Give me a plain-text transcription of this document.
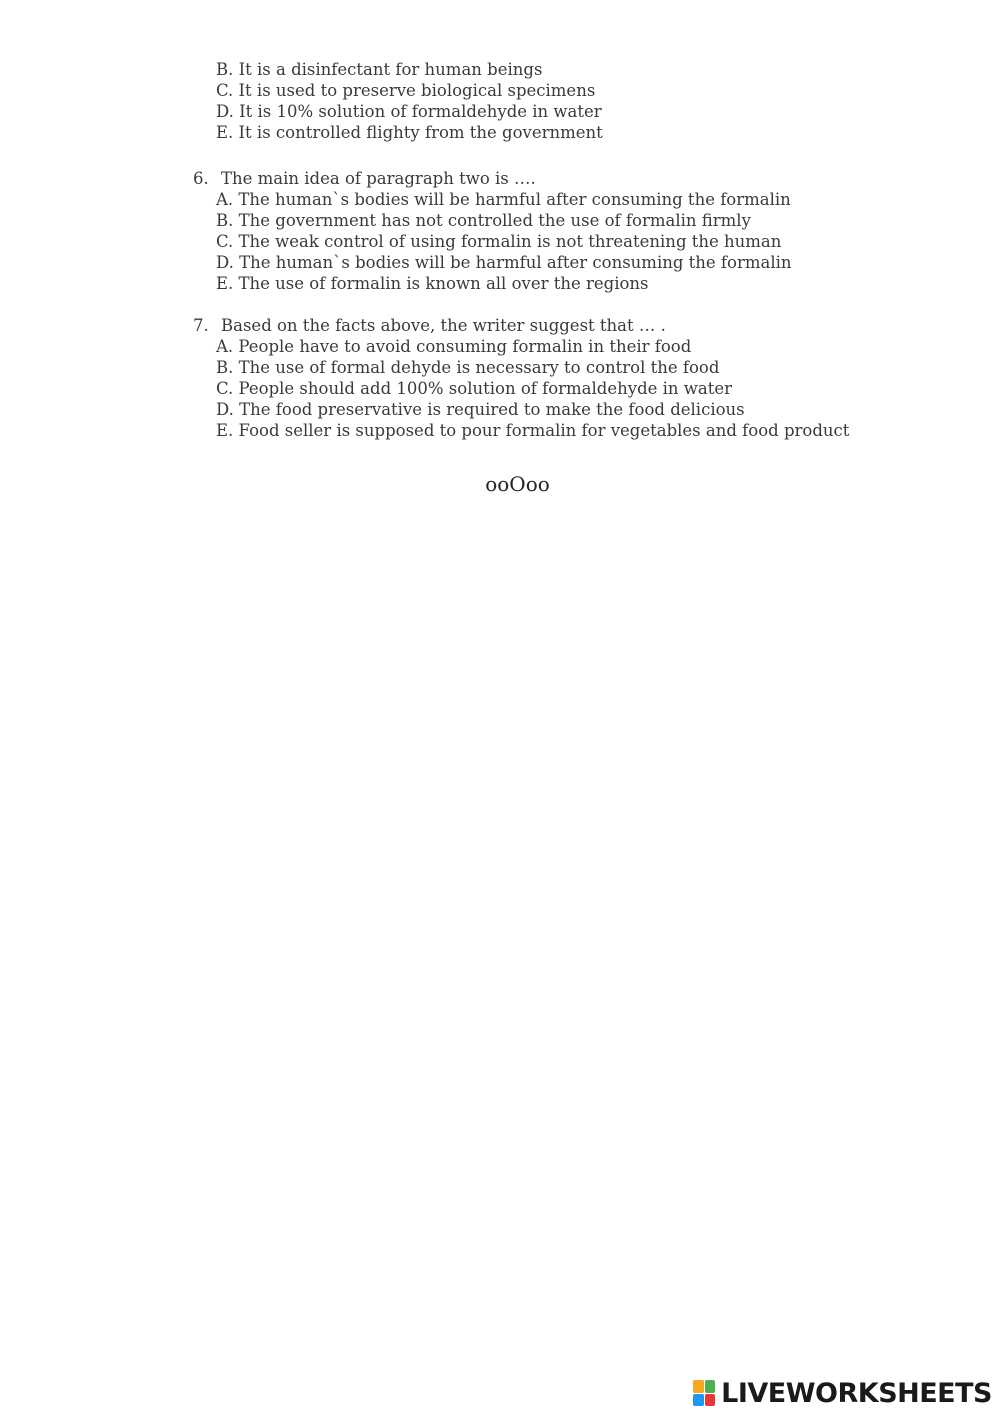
B. It is a disinfectant for human beings
C. It is used to preserve biological specimens
D. It is 10% solution of formaldehyde in water
E. It is controlled flighty from the government
6. The main idea of paragraph two is ….
A. The human`s bodies will be harmful after consuming the formalin
B. The government has not controlled the use of formalin firmly
C. The weak control of using formalin is not threatening the human
D. The human`s bodies will be harmful after consuming the formalin
E. The use of formalin is known all over the regions
7. Based on the facts above, the writer suggest that … .
A. People have to avoid consuming formalin in their food
B. The use of formal dehyde is necessary to control the food
C. People should add 100% solution of formaldehyde in water
D. The food preservative is required to make the food delicious
E. Food seller is supposed to pour formalin for vegetables and food product
ooOoo
LIVEWORKSHEETS
